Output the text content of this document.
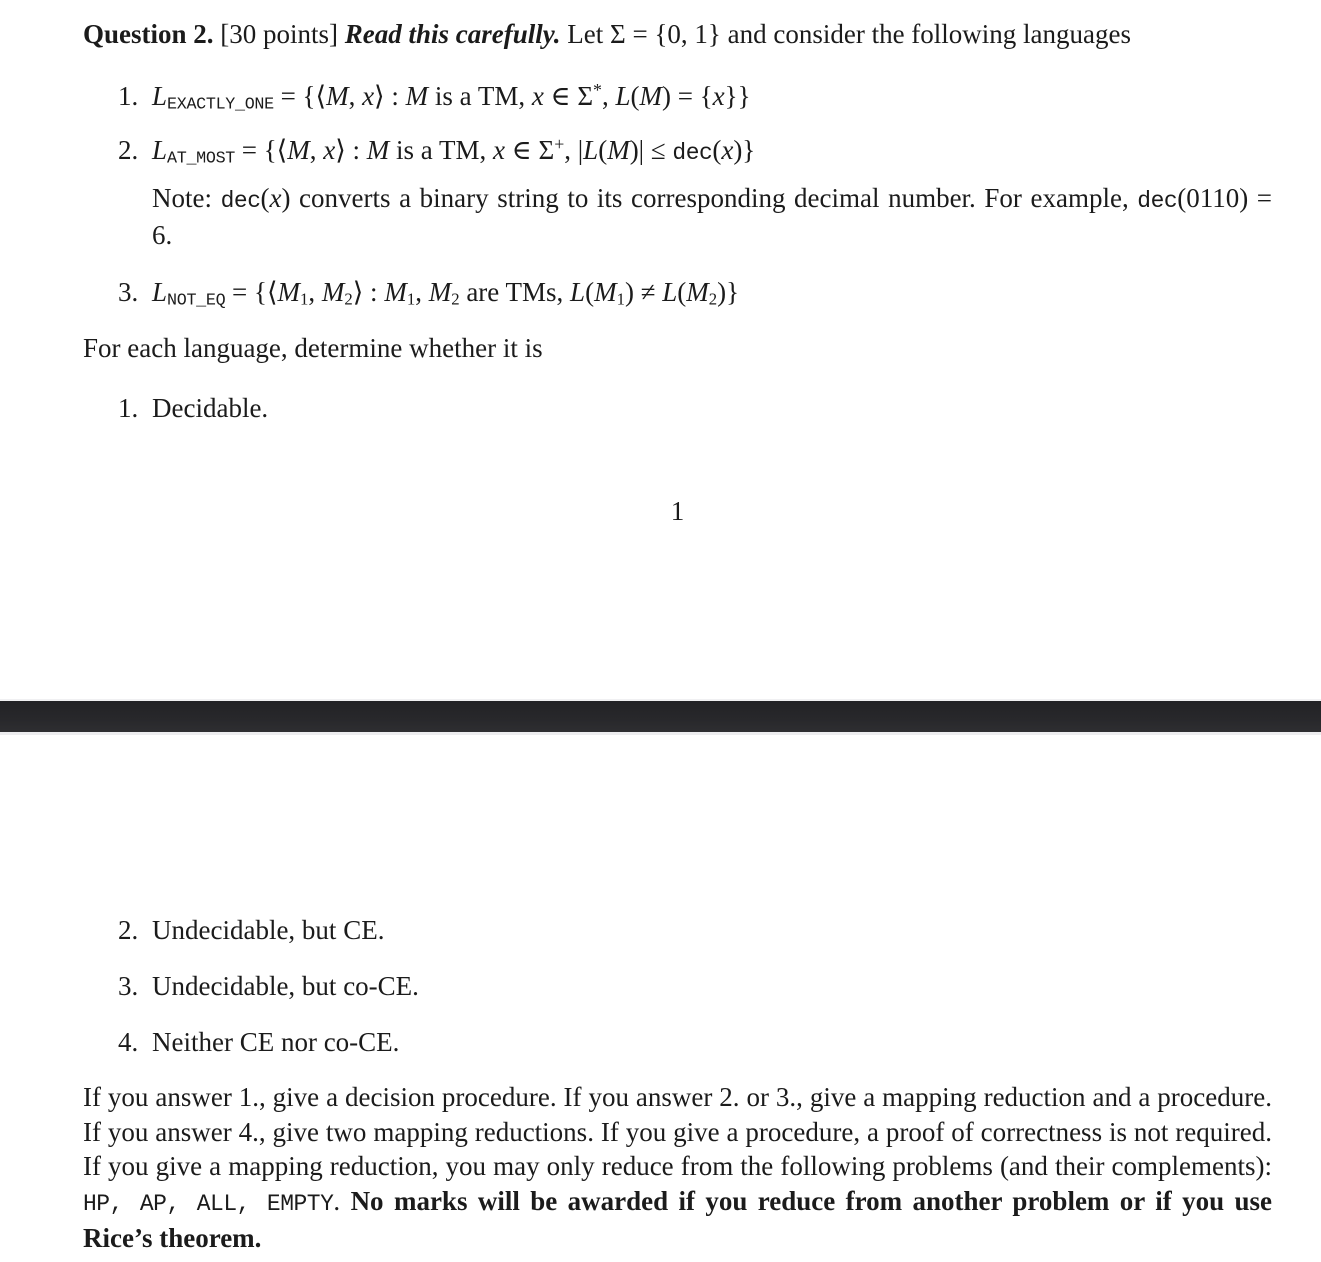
Question 2. [30 points] Read this carefully. Let Σ = {0, 1} and consider the following languages

1. LEXACTLY_ONE = {⟨M, x⟩ : M is a TM, x ∈ Σ*, L(M) = {x}}
2. LAT_MOST = {⟨M, x⟩ : M is a TM, x ∈ Σ+, |L(M)| ≤ dec(x)}

Note: dec(x) converts a binary string to its corresponding decimal number. For example, dec(0110) = 6.

3. LNOT_EQ = {⟨M1, M2⟩ : M1, M2 are TMs, L(M1) ≠ L(M2)}

For each language, determine whether it is

1. Decidable.
1
2. Undecidable, but CE.
3. Undecidable, but co-CE.
4. Neither CE nor co-CE.

If you answer 1., give a decision procedure. If you answer 2. or 3., give a mapping reduction and a procedure. If you answer 4., give two mapping reductions. If you give a procedure, a proof of correctness is not required. If you give a mapping reduction, you may only reduce from the following problems (and their complements): HP, AP, ALL, EMPTY. No marks will be awarded if you reduce from another problem or if you use Rice’s theorem.
